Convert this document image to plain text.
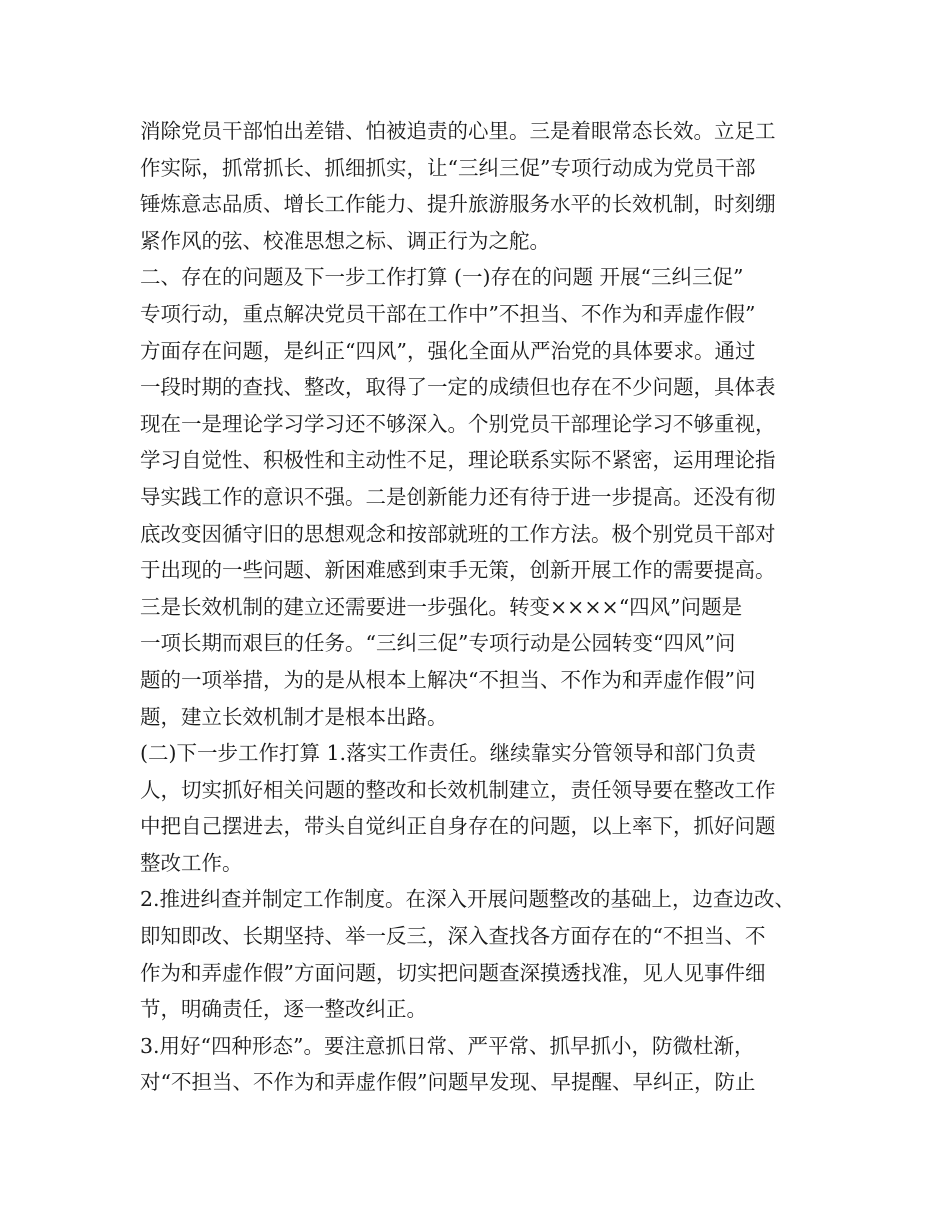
消除党员干部怕出差错、怕被追责的心里。三是着眼常态长效。立足工
作实际，抓常抓长、抓细抓实，让“三纠三促”专项行动成为党员干部
锤炼意志品质、增长工作能力、提升旅游服务水平的长效机制，时刻绷
紧作风的弦、校准思想之标、调正行为之舵。
二、存在的问题及下一步工作打算 (一)存在的问题 开展“三纠三促”
专项行动，重点解决党员干部在工作中”不担当、不作为和弄虚作假”
方面存在问题，是纠正“四风”，强化全面从严治党的具体要求。通过
一段时期的查找、整改，取得了一定的成绩但也存在不少问题，具体表
现在一是理论学习学习还不够深入。个别党员干部理论学习不够重视，
学习自觉性、积极性和主动性不足，理论联系实际不紧密，运用理论指
导实践工作的意识不强。二是创新能力还有待于进一步提高。还没有彻
底改变因循守旧的思想观念和按部就班的工作方法。极个别党员干部对
于出现的一些问题、新困难感到束手无策，创新开展工作的需要提高。
三是长效机制的建立还需要进一步强化。转变××××“四风”问题是
一项长期而艰巨的任务。“三纠三促”专项行动是公园转变“四风”问
题的一项举措，为的是从根本上解决“不担当、不作为和弄虚作假”问
题，建立长效机制才是根本出路。
(二)下一步工作打算 1.落实工作责任。继续靠实分管领导和部门负责
人，切实抓好相关问题的整改和长效机制建立，责任领导要在整改工作
中把自己摆进去，带头自觉纠正自身存在的问题，以上率下，抓好问题
整改工作。
2.推进纠查并制定工作制度。在深入开展问题整改的基础上，边查边改、
即知即改、长期坚持、举一反三，深入查找各方面存在的“不担当、不
作为和弄虚作假”方面问题，切实把问题查深摸透找准，见人见事件细
节，明确责任，逐一整改纠正。
3.用好“四种形态”。要注意抓日常、严平常、抓早抓小，防微杜渐，
对“不担当、不作为和弄虚作假”问题早发现、早提醒、早纠正，防止
